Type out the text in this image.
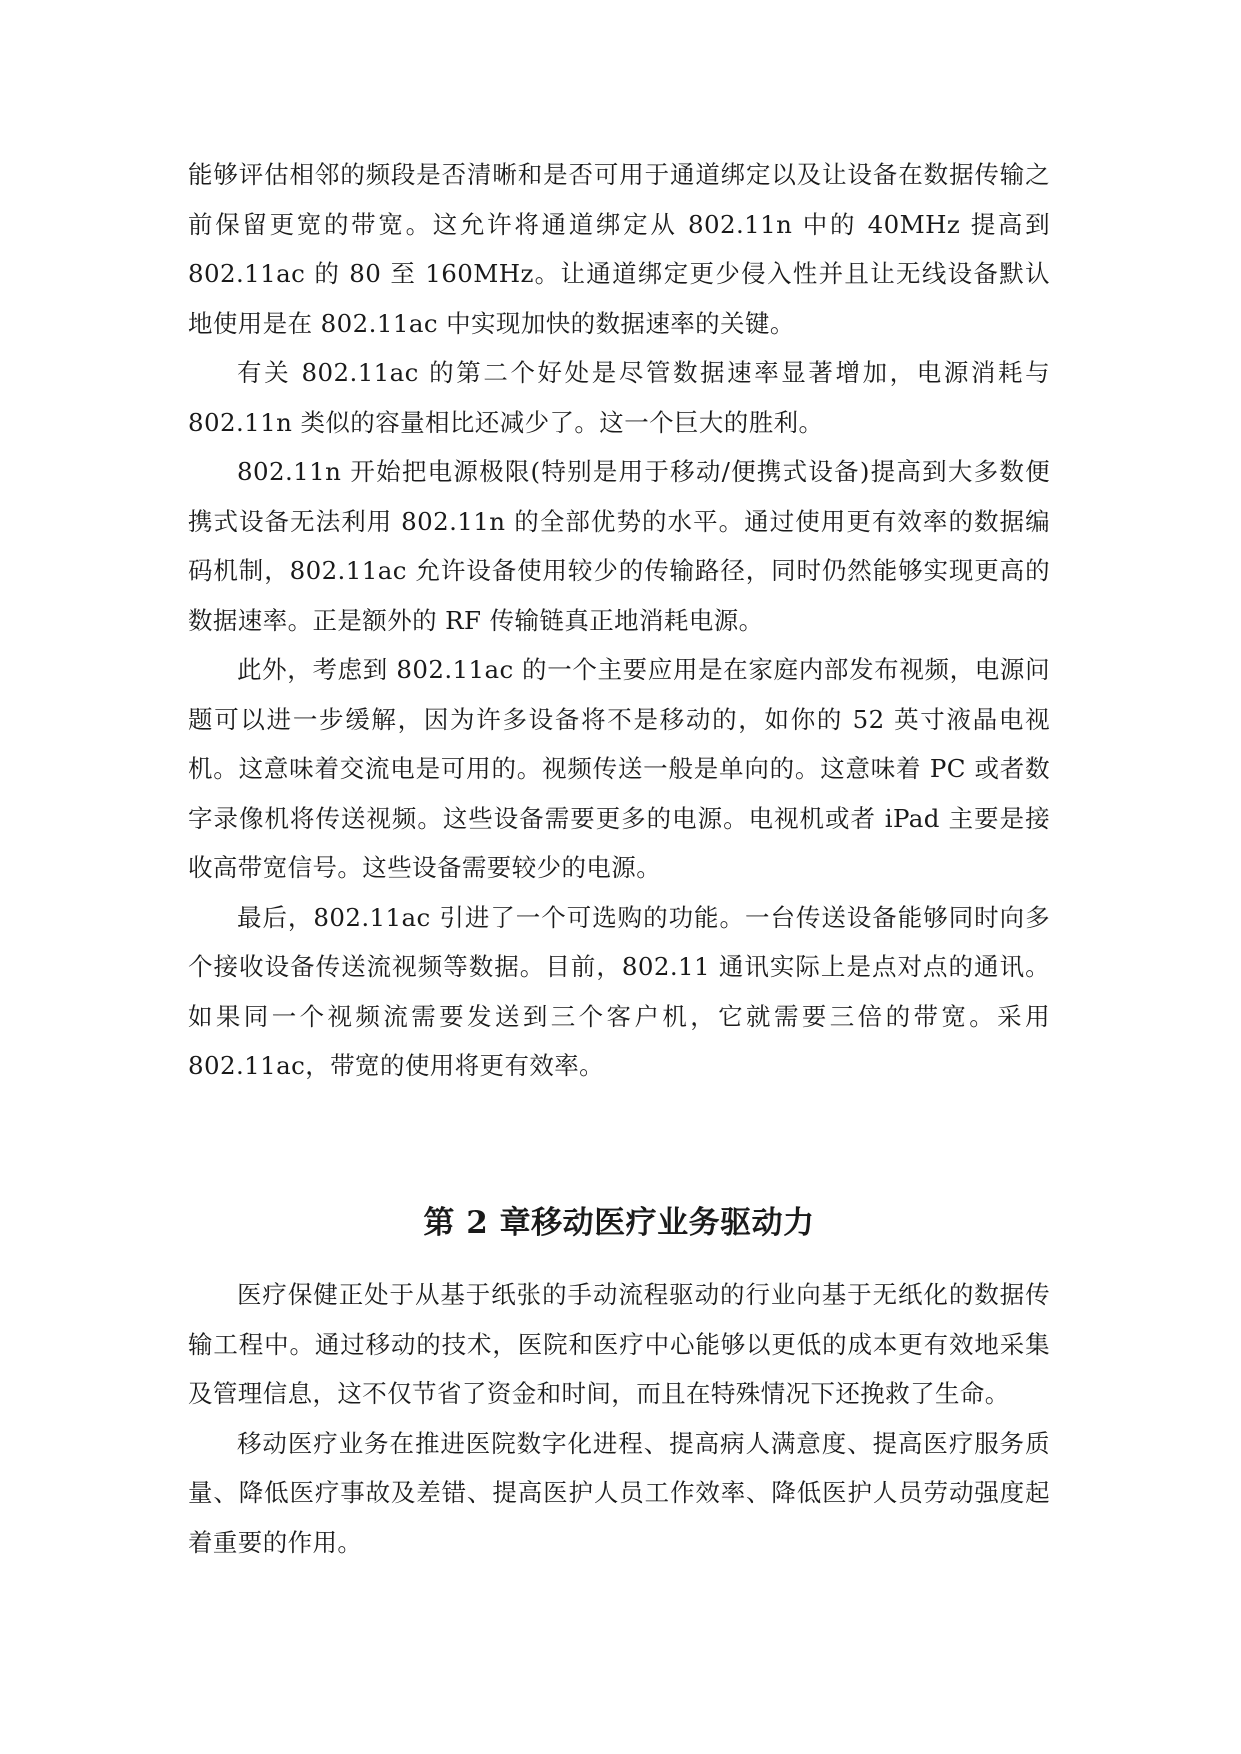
能够评估相邻的频段是否清晰和是否可用于通道绑定以及让设备在数据传输之前保留更宽的带宽。这允许将通道绑定从 802.11n 中的 40MHz 提高到 802.11ac 的 80 至 160MHz。让通道绑定更少侵入性并且让无线设备默认地使用是在 802.11ac 中实现加快的数据速率的关键。

有关 802.11ac 的第二个好处是尽管数据速率显著增加，电源消耗与 802.11n 类似的容量相比还减少了。这一个巨大的胜利。

802.11n 开始把电源极限(特别是用于移动/便携式设备)提高到大多数便携式设备无法利用 802.11n 的全部优势的水平。通过使用更有效率的数据编码机制，802.11ac 允许设备使用较少的传输路径，同时仍然能够实现更高的数据速率。正是额外的 RF 传输链真正地消耗电源。

此外，考虑到 802.11ac 的一个主要应用是在家庭内部发布视频，电源问题可以进一步缓解，因为许多设备将不是移动的，如你的 52 英寸液晶电视机。这意味着交流电是可用的。视频传送一般是单向的。这意味着 PC 或者数字录像机将传送视频。这些设备需要更多的电源。电视机或者 iPad 主要是接收高带宽信号。这些设备需要较少的电源。

最后，802.11ac 引进了一个可选购的功能。一台传送设备能够同时向多个接收设备传送流视频等数据。目前，802.11 通讯实际上是点对点的通讯。如果同一个视频流需要发送到三个客户机，它就需要三倍的带宽。采用 802.11ac，带宽的使用将更有效率。

第 2 章移动医疗业务驱动力

医疗保健正处于从基于纸张的手动流程驱动的行业向基于无纸化的数据传输工程中。通过移动的技术，医院和医疗中心能够以更低的成本更有效地采集及管理信息，这不仅节省了资金和时间，而且在特殊情况下还挽救了生命。

移动医疗业务在推进医院数字化进程、提高病人满意度、提高医疗服务质量、降低医疗事故及差错、提高医护人员工作效率、降低医护人员劳动强度起着重要的作用。
